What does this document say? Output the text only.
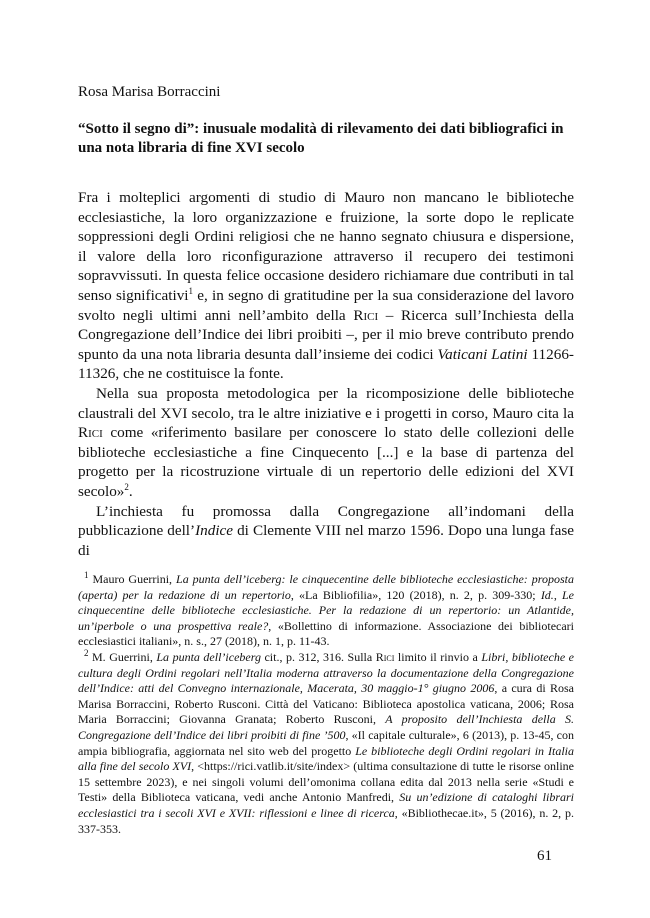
Rosa Marisa Borraccini
“Sotto il segno di”: inusuale modalità di rilevamento dei dati bibliografici in una nota libraria di fine XVI secolo

Fra i molteplici argomenti di studio di Mauro non mancano le biblioteche ecclesiastiche, la loro organizzazione e fruizione, la sorte dopo le replicate soppressioni degli Ordini religiosi che ne hanno segnato chiusura e dispersione, il valore della loro riconfigurazione attraverso il recupero dei testimoni sopravvissuti. In questa felice occasione desidero richiamare due contributi in tal senso significativi$^1$ e, in segno di gratitudine per la sua considerazione del lavoro svolto negli ultimi anni nell’ambito della Rici – Ricerca sull’Inchiesta della Congregazione dell’Indice dei libri proibiti –, per il mio breve contributo prendo spunto da una nota libraria desunta dall’insieme dei codici Vaticani Latini 11266-11326, che ne costituisce la fonte.

Nella sua proposta metodologica per la ricomposizione delle biblioteche claustrali del XVI secolo, tra le altre iniziative e i progetti in corso, Mauro cita la Rici come «riferimento basilare per conoscere lo stato delle collezioni delle biblioteche ecclesiastiche a fine Cinquecento [...] e la base di partenza del progetto per la ricostruzione virtuale di un repertorio delle edizioni del XVI secolo»$^2$.

L’inchiesta fu promossa dalla Congregazione all’indomani della pubblicazione dell’Indice di Clemente VIII nel marzo 1596. Dopo una lunga fase di

$^1$ Mauro Guerrini, La punta dell’iceberg: le cinquecentine delle biblioteche ecclesiastiche: proposta (aperta) per la redazione di un repertorio, «La Bibliofilia», 120 (2018), n. 2, p. 309-330; Id., Le cinquecentine delle biblioteche ecclesiastiche. Per la redazione di un repertorio: un Atlantide, un’iperbole o una prospettiva reale?, «Bollettino di informazione. Associazione dei bibliotecari ecclesiastici italiani», n. s., 27 (2018), n. 1, p. 11-43.

$^2$ M. Guerrini, La punta dell’iceberg cit., p. 312, 316. Sulla Rici limito il rinvio a Libri, biblioteche e cultura degli Ordini regolari nell’Italia moderna attraverso la documentazione della Congregazione dell’Indice: atti del Convegno internazionale, Macerata, 30 maggio-1° giugno 2006, a cura di Rosa Marisa Borraccini, Roberto Rusconi. Città del Vaticano: Biblioteca apostolica vaticana, 2006; Rosa Maria Borraccini; Giovanna Granata; Roberto Rusconi, A proposito dell’Inchiesta della S. Congregazione dell’Indice dei libri proibiti di fine ’500, «Il capitale culturale», 6 (2013), p. 13-45, con ampia bibliografia, aggiornata nel sito web del progetto Le biblioteche degli Ordini regolari in Italia alla fine del secolo XVI, <https://rici.vatlib.it/site/index> (ultima consultazione di tutte le risorse online 15 settembre 2023), e nei singoli volumi dell’omonima collana edita dal 2013 nella serie «Studi e Testi» della Biblioteca vaticana, vedi anche Antonio Manfredi, Su un’edizione di cataloghi librari ecclesiastici tra i secoli XVI e XVII: riflessioni e linee di ricerca, «Bibliothecae.it», 5 (2016), n. 2, p. 337-353.

61
